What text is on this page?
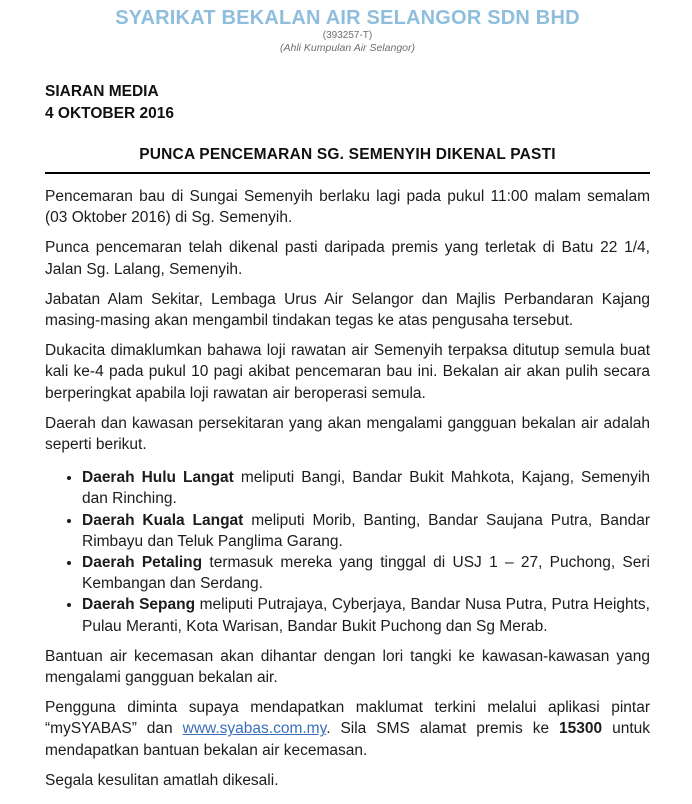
SYARIKAT BEKALAN AIR SELANGOR SDN BHD
(393257-T)
(Ahli Kumpulan Air Selangor)
SIARAN MEDIA
4 OKTOBER 2016
PUNCA PENCEMARAN SG. SEMENYIH DIKENAL PASTI

Pencemaran bau di Sungai Semenyih berlaku lagi pada pukul 11:00 malam semalam (03 Oktober 2016) di Sg. Semenyih.

Punca pencemaran telah dikenal pasti daripada premis yang terletak di Batu 22 1/4, Jalan Sg. Lalang, Semenyih.

Jabatan Alam Sekitar, Lembaga Urus Air Selangor dan Majlis Perbandaran Kajang masing-masing akan mengambil tindakan tegas ke atas pengusaha tersebut.

Dukacita dimaklumkan bahawa loji rawatan air Semenyih terpaksa ditutup semula buat kali ke-4 pada pukul 10 pagi akibat pencemaran bau ini. Bekalan air akan pulih secara berperingkat apabila loji rawatan air beroperasi semula.

Daerah dan kawasan persekitaran yang akan mengalami gangguan bekalan air adalah seperti berikut.

• Daerah Hulu Langat meliputi Bangi, Bandar Bukit Mahkota, Kajang, Semenyih dan Rinching.
• Daerah Kuala Langat meliputi Morib, Banting, Bandar Saujana Putra, Bandar Rimbayu dan Teluk Panglima Garang.
• Daerah Petaling termasuk mereka yang tinggal di USJ 1 – 27, Puchong, Seri Kembangan dan Serdang.
• Daerah Sepang meliputi Putrajaya, Cyberjaya, Bandar Nusa Putra, Putra Heights, Pulau Meranti, Kota Warisan, Bandar Bukit Puchong dan Sg Merab.

Bantuan air kecemasan akan dihantar dengan lori tangki ke kawasan-kawasan yang mengalami gangguan bekalan air.

Pengguna diminta supaya mendapatkan maklumat terkini melalui aplikasi pintar “mySYABAS” dan www.syabas.com.my. Sila SMS alamat premis ke 15300 untuk mendapatkan bantuan bekalan air kecemasan.

Segala kesulitan amatlah dikesali.
